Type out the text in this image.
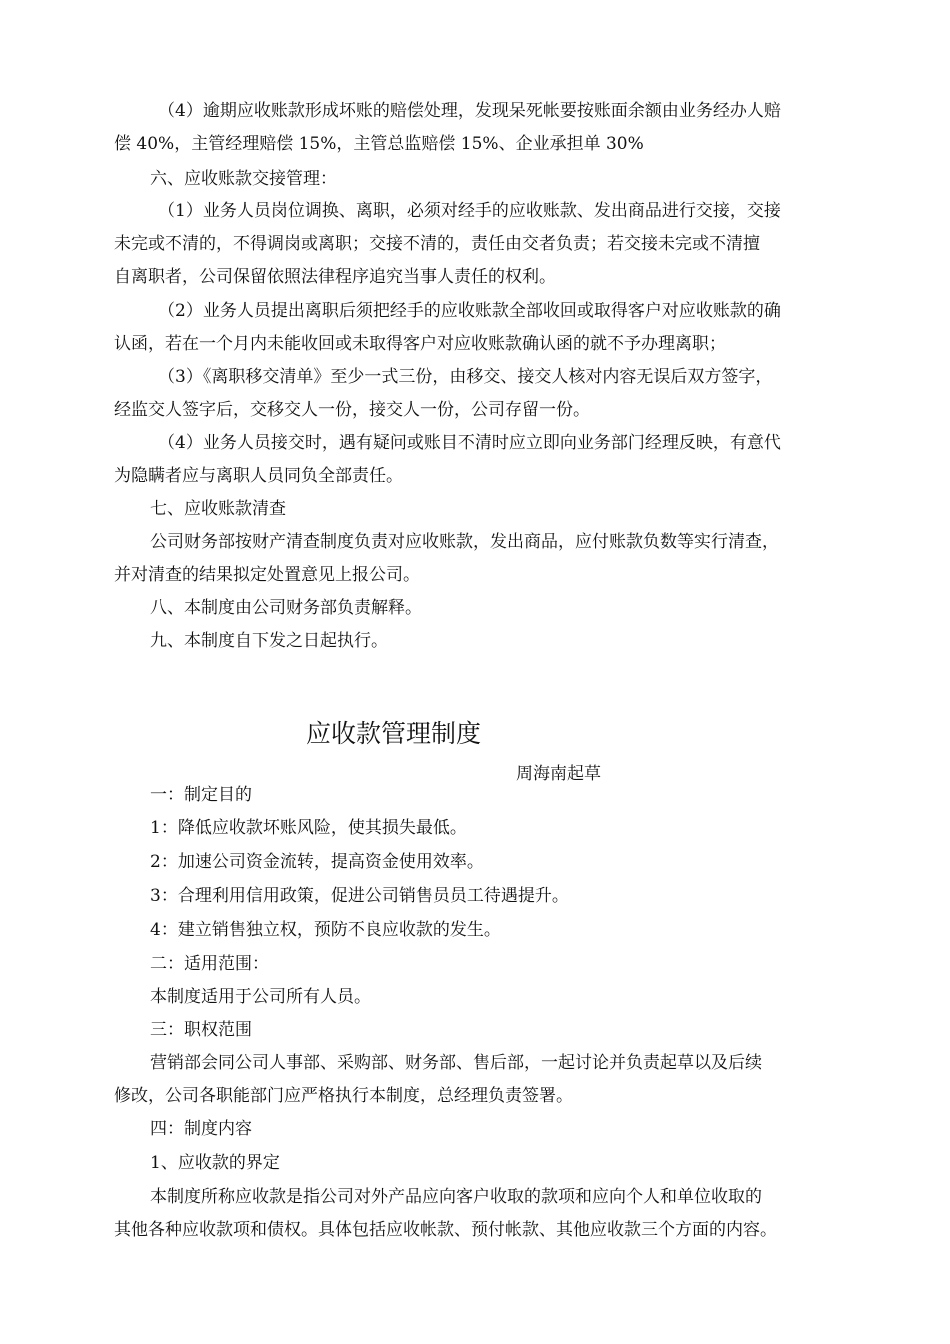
（4）逾期应收账款形成坏账的赔偿处理，发现呆死帐要按账面余额由业务经办人赔
偿 40%，主管经理赔偿 15%，主管总监赔偿 15%、企业承担单 30%
六、应收账款交接管理：
（1）业务人员岗位调换、离职，必须对经手的应收账款、发出商品进行交接，交接
未完或不清的，不得调岗或离职；交接不清的，责任由交者负责；若交接未完或不清擅
自离职者，公司保留依照法律程序追究当事人责任的权利。
（2）业务人员提出离职后须把经手的应收账款全部收回或取得客户对应收账款的确
认函，若在一个月内未能收回或未取得客户对应收账款确认函的就不予办理离职；
（3）《离职移交清单》至少一式三份，由移交、接交人核对内容无误后双方签字，
经监交人签字后，交移交人一份，接交人一份，公司存留一份。
（4）业务人员接交时，遇有疑问或账目不清时应立即向业务部门经理反映，有意代
为隐瞒者应与离职人员同负全部责任。
七、应收账款清查
公司财务部按财产清查制度负责对应收账款，发出商品，应付账款负数等实行清查，
并对清查的结果拟定处置意见上报公司。
八、本制度由公司财务部负责解释。
九、本制度自下发之日起执行。
应收款管理制度
周海南起草
一：制定目的
1：降低应收款坏账风险，使其损失最低。
2：加速公司资金流转，提高资金使用效率。
3：合理利用信用政策，促进公司销售员员工待遇提升。
4：建立销售独立权，预防不良应收款的发生。
二：适用范围：
本制度适用于公司所有人员。
三：职权范围
营销部会同公司人事部、采购部、财务部、售后部，一起讨论并负责起草以及后续
修改，公司各职能部门应严格执行本制度，总经理负责签署。
四：制度内容
1、应收款的界定
本制度所称应收款是指公司对外产品应向客户收取的款项和应向个人和单位收取的
其他各种应收款项和债权。具体包括应收帐款、预付帐款、其他应收款三个方面的内容。
